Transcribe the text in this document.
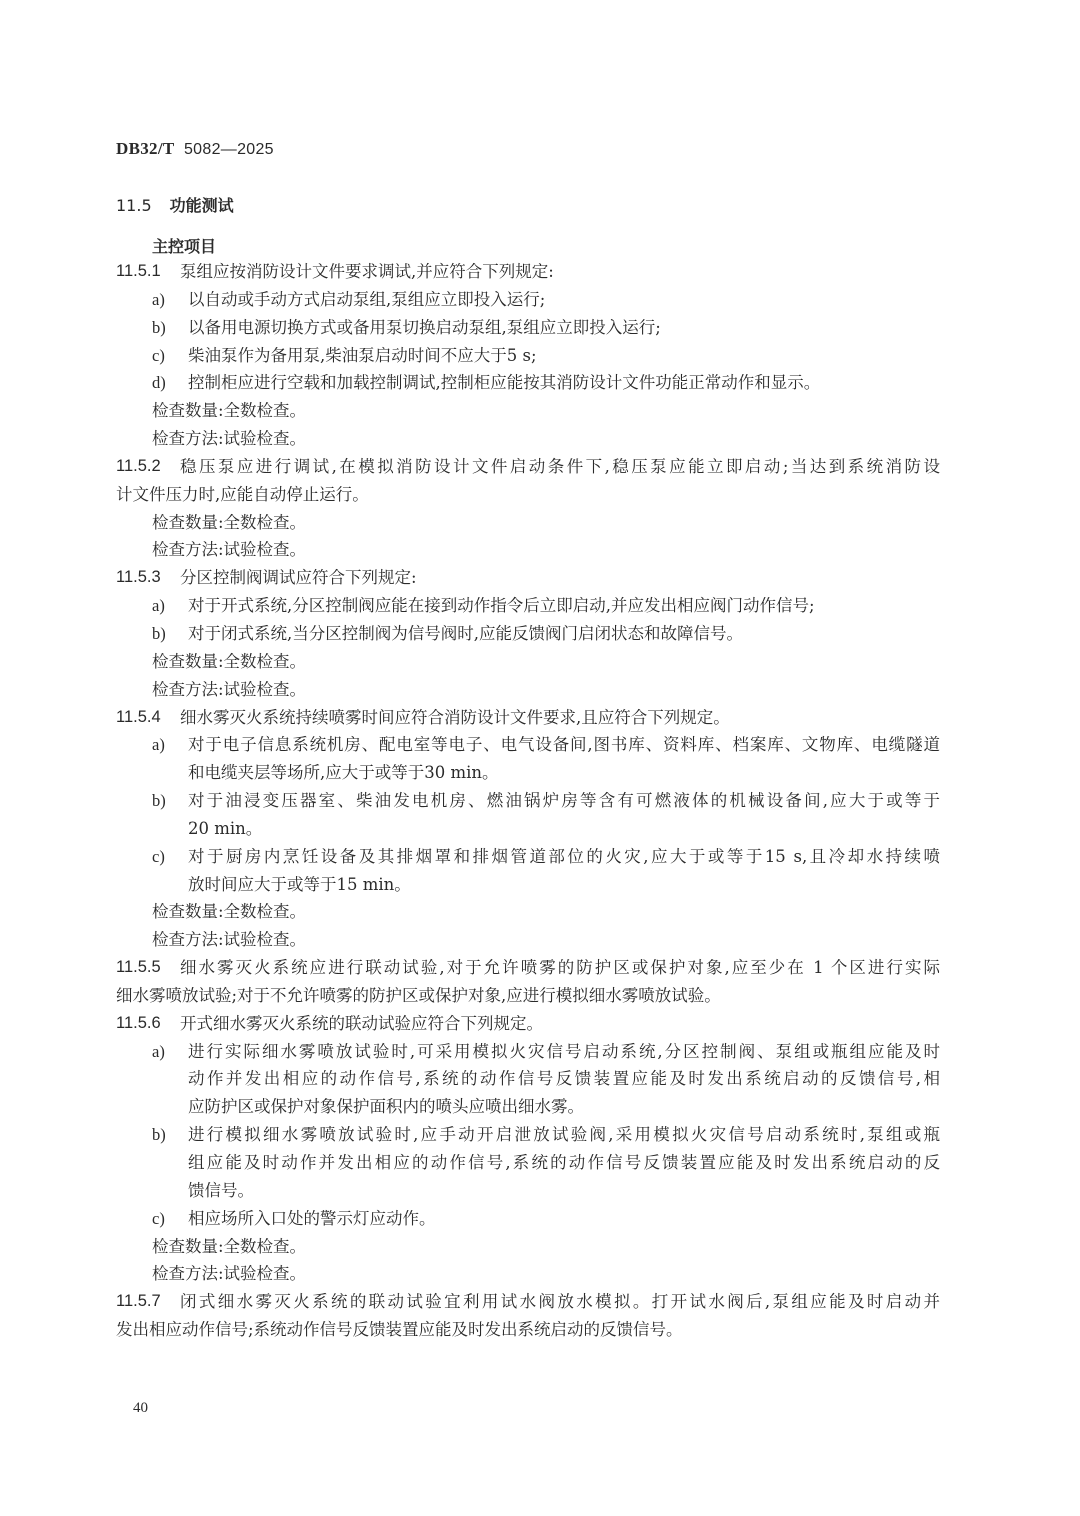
DB32/T 5082—2025
11.5 功能测试
主控项目
泵组应按消防设计文件要求调试,并应符合下列规定:
11.5.1
以自动或手动方式启动泵组,泵组应立即投入运行;
a)
以备用电源切换方式或备用泵切换启动泵组,泵组应立即投入运行;
b)
柴油泵作为备用泵,柴油泵启动时间不应大于5 s;
c)
控制柜应进行空载和加载控制调试,控制柜应能按其消防设计文件功能正常动作和显示。
d)
检查数量:全数检查。
检查方法:试验检查。
稳压泵应进行调试,在模拟消防设计文件启动条件下,稳压泵应能立即启动;当达到系统消防设
11.5.2
计文件压力时,应能自动停止运行。
检查数量:全数检查。
检查方法:试验检查。
分区控制阀调试应符合下列规定:
11.5.3
对于开式系统,分区控制阀应能在接到动作指令后立即启动,并应发出相应阀门动作信号;
a)
对于闭式系统,当分区控制阀为信号阀时,应能反馈阀门启闭状态和故障信号。
b)
检查数量:全数检查。
检查方法:试验检查。
细水雾灭火系统持续喷雾时间应符合消防设计文件要求,且应符合下列规定。
11.5.4
对于电子信息系统机房、配电室等电子、电气设备间,图书库、资料库、档案库、文物库、电缆隧道
a)
和电缆夹层等场所,应大于或等于30 min。
对于油浸变压器室、柴油发电机房、燃油锅炉房等含有可燃液体的机械设备间,应大于或等于
b)
20 min。
对于厨房内烹饪设备及其排烟罩和排烟管道部位的火灾,应大于或等于15 s,且冷却水持续喷
c)
放时间应大于或等于15 min。
检查数量:全数检查。
检查方法:试验检查。
细水雾灭火系统应进行联动试验,对于允许喷雾的防护区或保护对象,应至少在 1 个区进行实际
11.5.5
细水雾喷放试验;对于不允许喷雾的防护区或保护对象,应进行模拟细水雾喷放试验。
开式细水雾灭火系统的联动试验应符合下列规定。
11.5.6
进行实际细水雾喷放试验时,可采用模拟火灾信号启动系统,分区控制阀、泵组或瓶组应能及时
a)
动作并发出相应的动作信号,系统的动作信号反馈装置应能及时发出系统启动的反馈信号,相
应防护区或保护对象保护面积内的喷头应喷出细水雾。
进行模拟细水雾喷放试验时,应手动开启泄放试验阀,采用模拟火灾信号启动系统时,泵组或瓶
b)
组应能及时动作并发出相应的动作信号,系统的动作信号反馈装置应能及时发出系统启动的反
馈信号。
相应场所入口处的警示灯应动作。
c)
检查数量:全数检查。
检查方法:试验检查。
闭式细水雾灭火系统的联动试验宜利用试水阀放水模拟。打开试水阀后,泵组应能及时启动并
11.5.7
发出相应动作信号;系统动作信号反馈装置应能及时发出系统启动的反馈信号。
40
